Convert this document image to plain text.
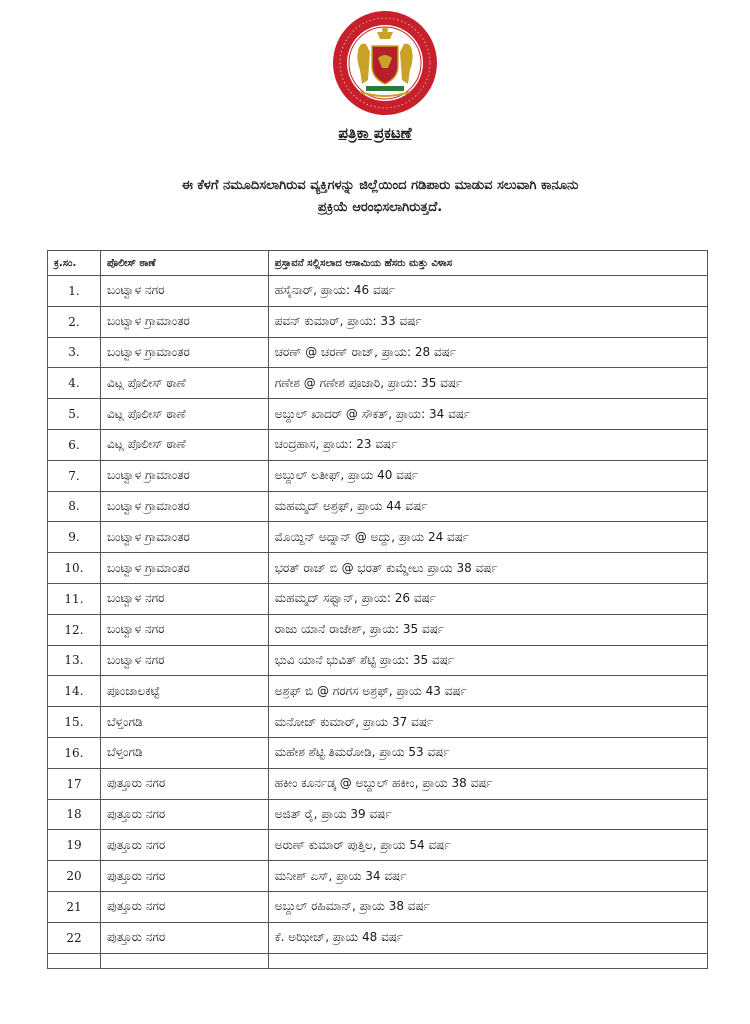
ಪತ್ರಿಕಾ ಪ್ರಕಟಣೆ
ಈ ಕೆಳಗೆ ನಮೂದಿಸಲಾಗಿರುವ ವ್ಯಕ್ತಿಗಳನ್ನು ಜಿಲ್ಲೆಯಿಂದ ಗಡಿಪಾರು ಮಾಡುವ ಸಲುವಾಗಿ ಕಾನೂನು
ಪ್ರಕ್ರಿಯೆ ಆರಂಭಿಸಲಾಗಿರುತ್ತದೆ.
ಕ್ರ.ಸಂ.	ಪೊಲೀಸ್ ಠಾಣೆ	ಪ್ರಸ್ತಾವನೆ ಸಲ್ಲಿಸಲಾದ ಆಸಾಮಿಯ ಹೆಸರು ಮತ್ತು ವಿಳಾಸ
1.	ಬಂಟ್ವಾಳ ನಗರ	ಹಸೈನಾರ್, ಪ್ರಾಯ: 46 ವರ್ಷ
2.	ಬಂಟ್ವಾಳ ಗ್ರಾಮಾಂತರ	ಪವನ್ ಕುಮಾರ್, ಪ್ರಾಯ: 33 ವರ್ಷ
3.	ಬಂಟ್ವಾಳ ಗ್ರಾಮಾಂತರ	ಚರಣ್ @ ಚರಣ್ ರಾಜ್, ಪ್ರಾಯ: 28 ವರ್ಷ
4.	ವಿಟ್ಲ ಪೊಲೀಸ್ ಠಾಣೆ	ಗಣೇಶ @ ಗಣೇಶ ಪೂಜಾರಿ, ಪ್ರಾಯ: 35 ವರ್ಷ
5.	ವಿಟ್ಲ ಪೊಲೀಸ್ ಠಾಣೆ	ಅಬ್ದುಲ್ ಖಾದರ್ @ ಸೌಕತ್, ಪ್ರಾಯ: 34 ವರ್ಷ
6.	ವಿಟ್ಲ ಪೊಲೀಸ್ ಠಾಣೆ	ಚಂದ್ರಹಾಸ, ಪ್ರಾಯ: 23 ವರ್ಷ
7.	ಬಂಟ್ವಾಳ ಗ್ರಾಮಾಂತರ	ಅಬ್ದುಲ್ ಲತೀಫ್, ಪ್ರಾಯ 40 ವರ್ಷ
8.	ಬಂಟ್ವಾಳ ಗ್ರಾಮಾಂತರ	ಮಹಮ್ಮದ್ ಅಶ್ರಫ್, ಪ್ರಾಯ 44 ವರ್ಷ
9.	ಬಂಟ್ವಾಳ ಗ್ರಾಮಾಂತರ	ಮೊಯ್ದಿನ್ ಅದ್ನಾನ್ @ ಅದ್ದು, ಪ್ರಾಯ 24 ವರ್ಷ
10.	ಬಂಟ್ವಾಳ ಗ್ರಾಮಾಂತರ	ಭರತ್ ರಾಜ್ ಬಿ @ ಭರತ್ ಕುಮ್ಡೇಲು ಪ್ರಾಯ 38 ವರ್ಷ
11.	ಬಂಟ್ವಾಳ ನಗರ	ಮಹಮ್ಮದ್ ಸಫ್ವಾನ್, ಪ್ರಾಯ: 26 ವರ್ಷ
12.	ಬಂಟ್ವಾಳ ನಗರ	ರಾಜು ಯಾನೆ ರಾಜೇಶ್, ಪ್ರಾಯ: 35 ವರ್ಷ
13.	ಬಂಟ್ವಾಳ ನಗರ	ಭುವಿ ಯಾನೆ ಭುವಿತ್ ಶೆಟ್ಟಿ ಪ್ರಾಯ: 35 ವರ್ಷ
14.	ಪೂಂಜಾಲಕಟ್ಟೆ	ಅಶ್ರಫ್ ಬಿ @ ಗರಗಸ ಅಶ್ರಫ್, ಪ್ರಾಯ 43 ವರ್ಷ
15.	ಬೆಳ್ತಂಗಡಿ	ಮನೋಜ್ ಕುಮಾರ್, ಪ್ರಾಯ 37 ವರ್ಷ
16.	ಬೆಳ್ತಂಗಡಿ	ಮಹೇಶ ಶೆಟ್ಟಿ ತಿಮರೋಡಿ, ಪ್ರಾಯ 53 ವರ್ಷ
17	ಪುತ್ತೂರು ನಗರ	ಹಕೀಂ ಕೂರ್ನಡ್ಕ @ ಅಬ್ದುಲ್ ಹಕೀಂ, ಪ್ರಾಯ 38 ವರ್ಷ
18	ಪುತ್ತೂರು ನಗರ	ಅಜಿತ್ ರೈ, ಪ್ರಾಯ 39 ವರ್ಷ
19	ಪುತ್ತೂರು ನಗರ	ಅರುಣ್ ಕುಮಾರ್ ಪುತ್ತಿಲ, ಪ್ರಾಯ 54 ವರ್ಷ
20	ಪುತ್ತೂರು ನಗರ	ಮನೀಶ್ ಎಸ್, ಪ್ರಾಯ 34 ವರ್ಷ
21	ಪುತ್ತೂರು ನಗರ	ಅಬ್ದುಲ್ ರಹಿಮಾನ್, ಪ್ರಾಯ 38 ವರ್ಷ
22	ಪುತ್ತೂರು ನಗರ	ಕೆ. ಅಝೀಜ್, ಪ್ರಾಯ 48 ವರ್ಷ
